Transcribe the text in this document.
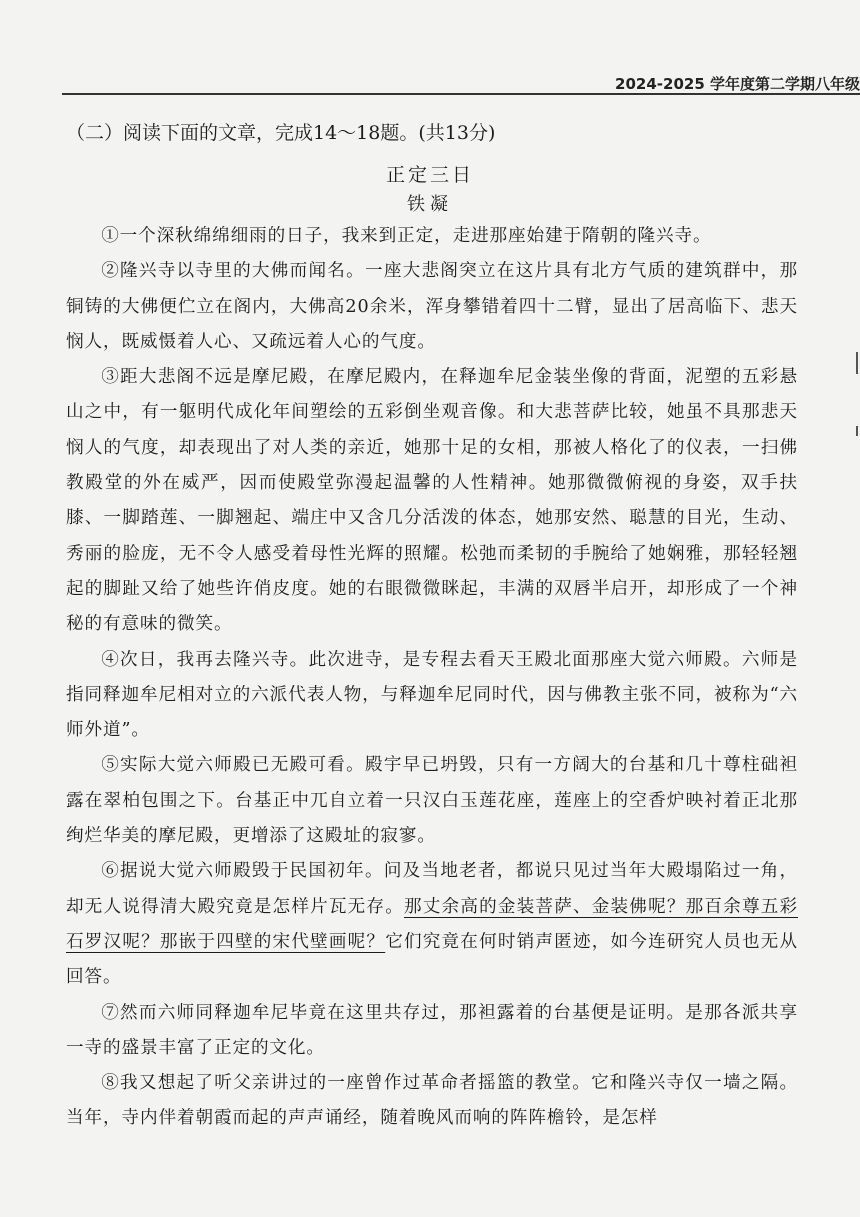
2024-2025 学年度第二学期八年级
（二）阅读下面的文章，完成14～18题。(共13分)
正定三日
铁凝

①一个深秋绵绵细雨的日子，我来到正定，走进那座始建于隋朝的隆兴寺。

②隆兴寺以寺里的大佛而闻名。一座大悲阁突立在这片具有北方气质的建筑群中，那铜铸的大佛便伫立在阁内，大佛高20余米，浑身攀错着四十二臂，显出了居高临下、悲天悯人，既威慑着人心、又疏远着人心的气度。

③距大悲阁不远是摩尼殿，在摩尼殿内，在释迦牟尼金装坐像的背面，泥塑的五彩悬山之中，有一躯明代成化年间塑绘的五彩倒坐观音像。和大悲菩萨比较，她虽不具那悲天悯人的气度，却表现出了对人类的亲近，她那十足的女相，那被人格化了的仪表，一扫佛教殿堂的外在威严，因而使殿堂弥漫起温馨的人性精神。她那微微俯视的身姿，双手扶膝、一脚踏莲、一脚翘起、端庄中又含几分活泼的体态，她那安然、聪慧的目光，生动、秀丽的脸庞，无不令人感受着母性光辉的照耀。松弛而柔韧的手腕给了她娴雅，那轻轻翘起的脚趾又给了她些许俏皮度。她的右眼微微眯起，丰满的双唇半启开，却形成了一个神秘的有意味的微笑。

④次日，我再去隆兴寺。此次进寺，是专程去看天王殿北面那座大觉六师殿。六师是指同释迦牟尼相对立的六派代表人物，与释迦牟尼同时代，因与佛教主张不同，被称为“六师外道”。

⑤实际大觉六师殿已无殿可看。殿宇早已坍毁，只有一方阔大的台基和几十尊柱础袒露在翠柏包围之下。台基正中兀自立着一只汉白玉莲花座，莲座上的空香炉映衬着正北那绚烂华美的摩尼殿，更增添了这殿址的寂寥。

⑥据说大觉六师殿毁于民国初年。问及当地老者，都说只见过当年大殿塌陷过一角，却无人说得清大殿究竟是怎样片瓦无存。那丈余高的金装菩萨、金装佛呢？那百余尊五彩石罗汉呢？那嵌于四壁的宋代壁画呢？它们究竟在何时销声匿迹，如今连研究人员也无从回答。

⑦然而六师同释迦牟尼毕竟在这里共存过，那袒露着的台基便是证明。是那各派共享一寺的盛景丰富了正定的文化。

⑧我又想起了听父亲讲过的一座曾作过革命者摇篮的教堂。它和隆兴寺仅一墙之隔。当年，寺内伴着朝霞而起的声声诵经，随着晚风而响的阵阵檐铃，是怎样
